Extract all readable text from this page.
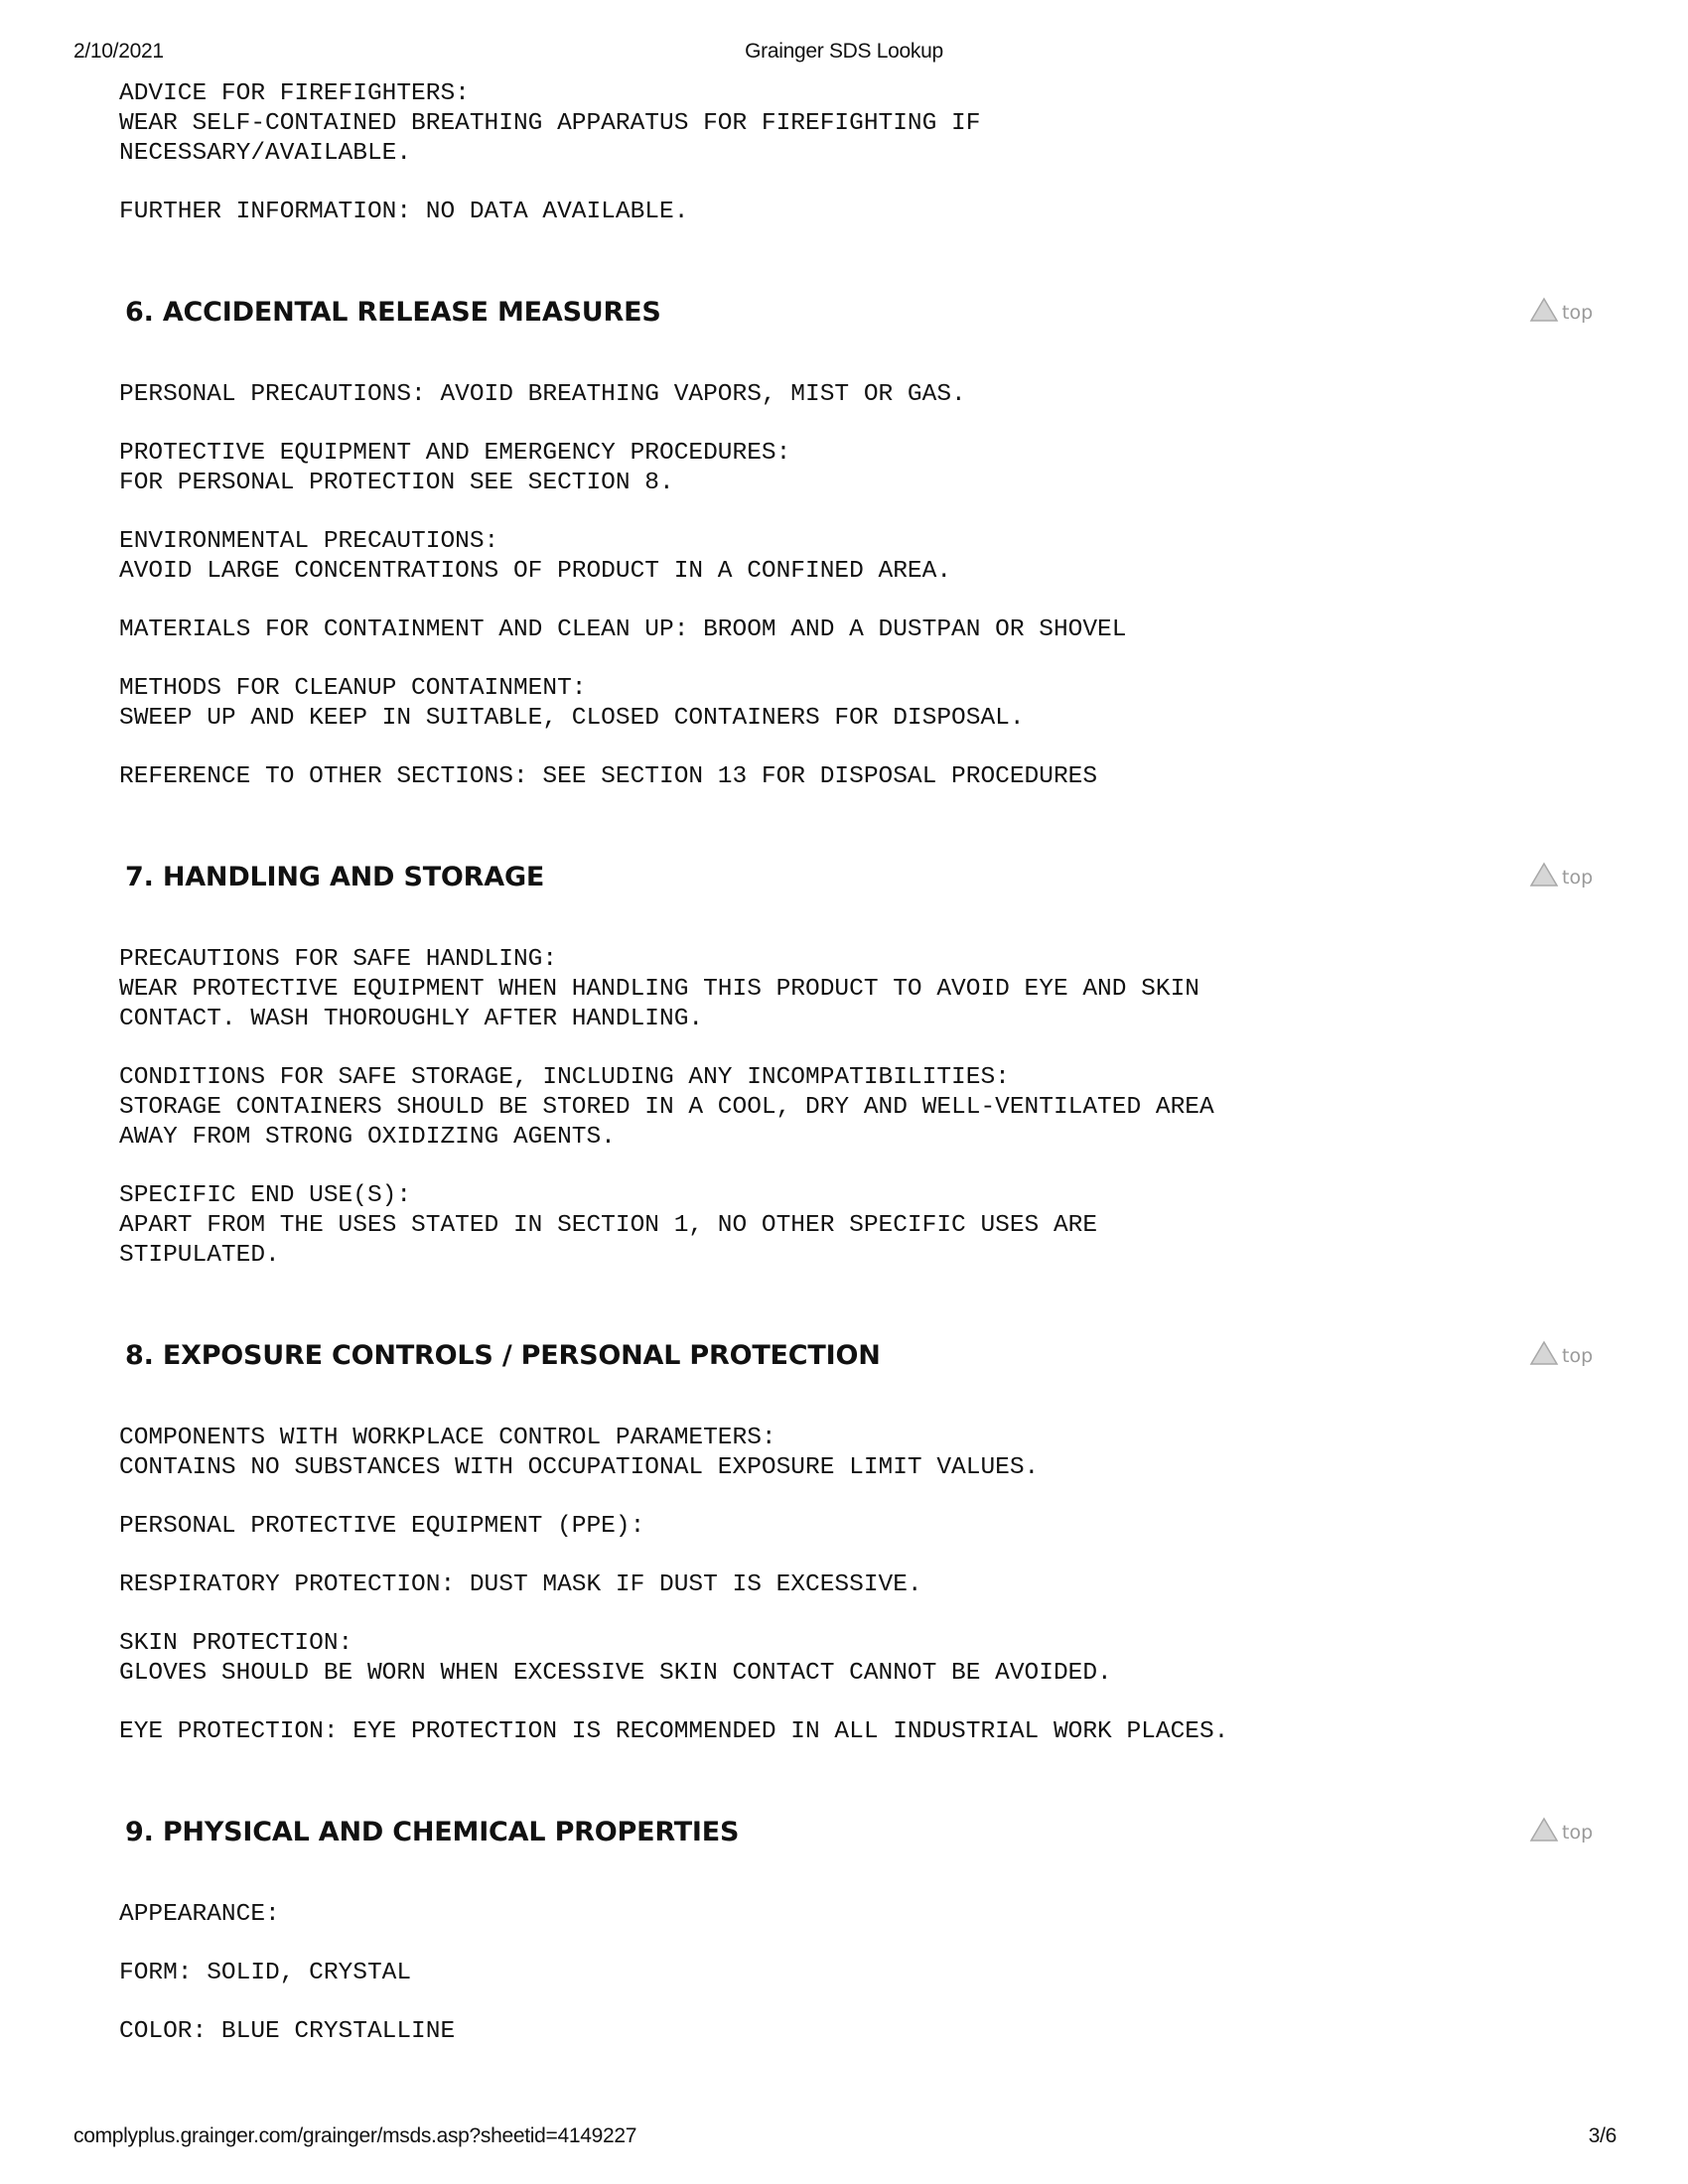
2/10/2021	Grainger SDS Lookup

ADVICE FOR FIREFIGHTERS:
WEAR SELF-CONTAINED BREATHING APPARATUS FOR FIREFIGHTING IF
NECESSARY/AVAILABLE.

FURTHER INFORMATION: NO DATA AVAILABLE.

6. ACCIDENTAL RELEASE MEASURES	top

PERSONAL PRECAUTIONS: AVOID BREATHING VAPORS, MIST OR GAS.

PROTECTIVE EQUIPMENT AND EMERGENCY PROCEDURES:
FOR PERSONAL PROTECTION SEE SECTION 8.

ENVIRONMENTAL PRECAUTIONS:
AVOID LARGE CONCENTRATIONS OF PRODUCT IN A CONFINED AREA.

MATERIALS FOR CONTAINMENT AND CLEAN UP: BROOM AND A DUSTPAN OR SHOVEL

METHODS FOR CLEANUP CONTAINMENT:
SWEEP UP AND KEEP IN SUITABLE, CLOSED CONTAINERS FOR DISPOSAL.

REFERENCE TO OTHER SECTIONS: SEE SECTION 13 FOR DISPOSAL PROCEDURES

7. HANDLING AND STORAGE	top

PRECAUTIONS FOR SAFE HANDLING:
WEAR PROTECTIVE EQUIPMENT WHEN HANDLING THIS PRODUCT TO AVOID EYE AND SKIN
CONTACT. WASH THOROUGHLY AFTER HANDLING.

CONDITIONS FOR SAFE STORAGE, INCLUDING ANY INCOMPATIBILITIES:
STORAGE CONTAINERS SHOULD BE STORED IN A COOL, DRY AND WELL-VENTILATED AREA
AWAY FROM STRONG OXIDIZING AGENTS.

SPECIFIC END USE(S):
APART FROM THE USES STATED IN SECTION 1, NO OTHER SPECIFIC USES ARE
STIPULATED.

8. EXPOSURE CONTROLS / PERSONAL PROTECTION	top

COMPONENTS WITH WORKPLACE CONTROL PARAMETERS:
CONTAINS NO SUBSTANCES WITH OCCUPATIONAL EXPOSURE LIMIT VALUES.

PERSONAL PROTECTIVE EQUIPMENT (PPE):

RESPIRATORY PROTECTION: DUST MASK IF DUST IS EXCESSIVE.

SKIN PROTECTION:
GLOVES SHOULD BE WORN WHEN EXCESSIVE SKIN CONTACT CANNOT BE AVOIDED.

EYE PROTECTION: EYE PROTECTION IS RECOMMENDED IN ALL INDUSTRIAL WORK PLACES.

9. PHYSICAL AND CHEMICAL PROPERTIES	top

APPEARANCE:

FORM: SOLID, CRYSTAL

COLOR: BLUE CRYSTALLINE

complyplus.grainger.com/grainger/msds.asp?sheetid=4149227	3/6
